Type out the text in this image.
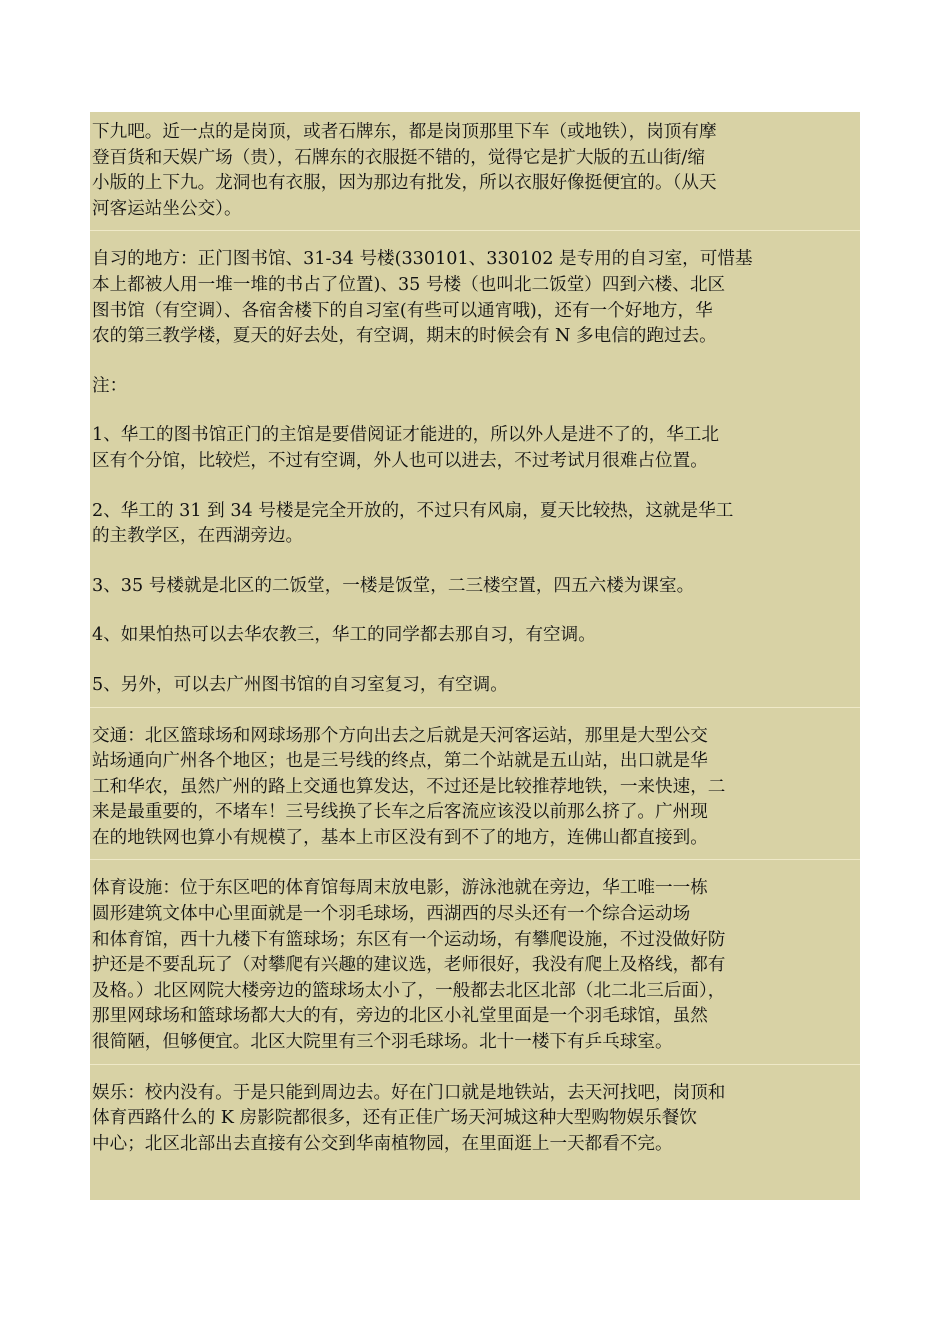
下九吧。近一点的是岗顶，或者石牌东，都是岗顶那里下车（或地铁），岗顶有摩
登百货和天娱广场（贵），石牌东的衣服挺不错的，觉得它是扩大版的五山街/缩
小版的上下九。龙洞也有衣服，因为那边有批发，所以衣服好像挺便宜的。（从天
河客运站坐公交）。
自习的地方：正门图书馆、31-34 号楼(330101、330102 是专用的自习室，可惜基
本上都被人用一堆一堆的书占了位置)、35 号楼（也叫北二饭堂）四到六楼、北区
图书馆（有空调）、各宿舍楼下的自习室(有些可以通宵哦)，还有一个好地方，华
农的第三教学楼，夏天的好去处，有空调，期末的时候会有 N 多电信的跑过去。
注：
1、华工的图书馆正门的主馆是要借阅证才能进的，所以外人是进不了的，华工北
区有个分馆，比较烂，不过有空调，外人也可以进去，不过考试月很难占位置。
2、华工的 31 到 34 号楼是完全开放的，不过只有风扇，夏天比较热，这就是华工
的主教学区，在西湖旁边。
3、35 号楼就是北区的二饭堂，一楼是饭堂，二三楼空置，四五六楼为课室。
4、如果怕热可以去华农教三，华工的同学都去那自习，有空调。
5、另外，可以去广州图书馆的自习室复习，有空调。
交通：北区篮球场和网球场那个方向出去之后就是天河客运站，那里是大型公交
站场通向广州各个地区；也是三号线的终点，第二个站就是五山站，出口就是华
工和华农，虽然广州的路上交通也算发达，不过还是比较推荐地铁，一来快速，二
来是最重要的，不堵车！三号线换了长车之后客流应该没以前那么挤了。广州现
在的地铁网也算小有规模了，基本上市区没有到不了的地方，连佛山都直接到。
体育设施：位于东区吧的体育馆每周末放电影，游泳池就在旁边，华工唯一一栋
圆形建筑文体中心里面就是一个羽毛球场，西湖西的尽头还有一个综合运动场
和体育馆，西十九楼下有篮球场；东区有一个运动场，有攀爬设施，不过没做好防
护还是不要乱玩了（对攀爬有兴趣的建议选，老师很好，我没有爬上及格线，都有
及格。）北区网院大楼旁边的篮球场太小了，一般都去北区北部（北二北三后面），
那里网球场和篮球场都大大的有，旁边的北区小礼堂里面是一个羽毛球馆，虽然
很简陋，但够便宜。北区大院里有三个羽毛球场。北十一楼下有乒乓球室。
娱乐：校内没有。于是只能到周边去。好在门口就是地铁站，去天河找吧，岗顶和
体育西路什么的 K 房影院都很多，还有正佳广场天河城这种大型购物娱乐餐饮
中心；北区北部出去直接有公交到华南植物园，在里面逛上一天都看不完。
